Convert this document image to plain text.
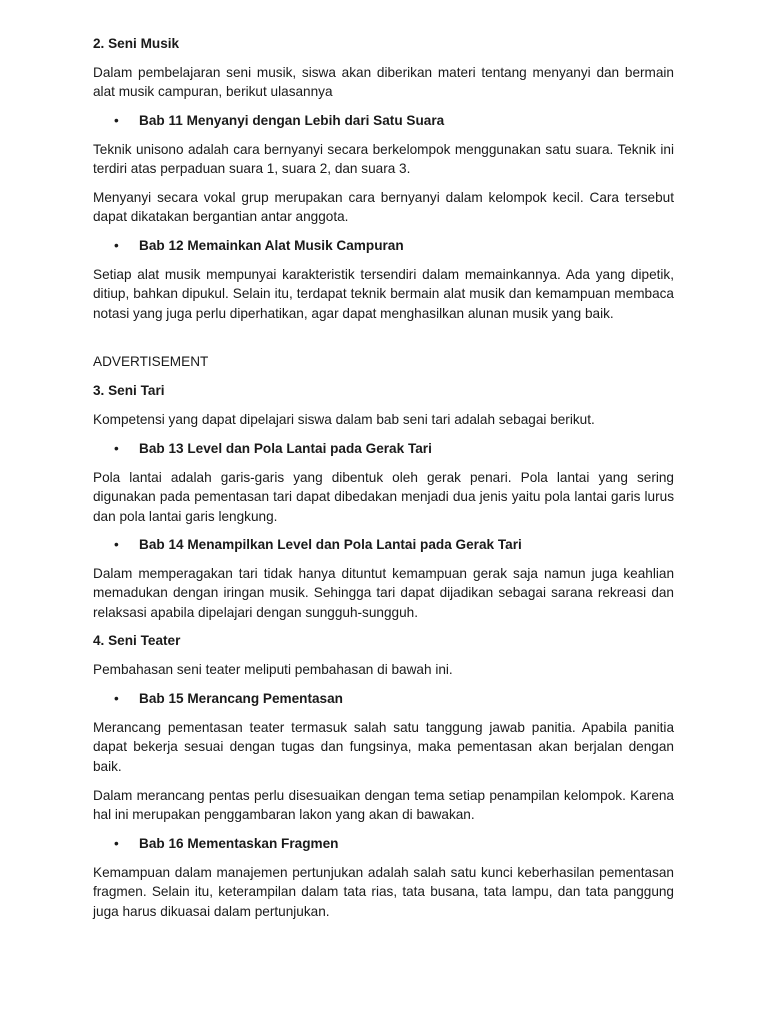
2. Seni Musik

Dalam pembelajaran seni musik, siswa akan diberikan materi tentang menyanyi dan bermain alat musik campuran, berikut ulasannya

•
Bab 11 Menyanyi dengan Lebih dari Satu Suara

Teknik unisono adalah cara bernyanyi secara berkelompok menggunakan satu suara. Teknik ini terdiri atas perpaduan suara 1, suara 2, dan suara 3.

Menyanyi secara vokal grup merupakan cara bernyanyi dalam kelompok kecil. Cara tersebut dapat dikatakan bergantian antar anggota.

•
Bab 12 Memainkan Alat Musik Campuran

Setiap alat musik mempunyai karakteristik tersendiri dalam memainkannya. Ada yang dipetik, ditiup, bahkan dipukul. Selain itu, terdapat teknik bermain alat musik dan kemampuan membaca notasi yang juga perlu diperhatikan, agar dapat menghasilkan alunan musik yang baik.

ADVERTISEMENT
3. Seni Tari

Kompetensi yang dapat dipelajari siswa dalam bab seni tari adalah sebagai berikut.

•
Bab 13 Level dan Pola Lantai pada Gerak Tari

Pola lantai adalah garis-garis yang dibentuk oleh gerak penari. Pola lantai yang sering digunakan pada pementasan tari dapat dibedakan menjadi dua jenis yaitu pola lantai garis lurus dan pola lantai garis lengkung.

•
Bab 14 Menampilkan Level dan Pola Lantai pada Gerak Tari

Dalam memperagakan tari tidak hanya dituntut kemampuan gerak saja namun juga keahlian memadukan dengan iringan musik. Sehingga tari dapat dijadikan sebagai sarana rekreasi dan relaksasi apabila dipelajari dengan sungguh-sungguh.

4. Seni Teater

Pembahasan seni teater meliputi pembahasan di bawah ini.

•
Bab 15 Merancang Pementasan

Merancang pementasan teater termasuk salah satu tanggung jawab panitia. Apabila panitia dapat bekerja sesuai dengan tugas dan fungsinya, maka pementasan akan berjalan dengan baik.

Dalam merancang pentas perlu disesuaikan dengan tema setiap penampilan kelompok. Karena hal ini merupakan penggambaran lakon yang akan di bawakan.

•
Bab 16 Mementaskan Fragmen

Kemampuan dalam manajemen pertunjukan adalah salah satu kunci keberhasilan pementasan fragmen. Selain itu, keterampilan dalam tata rias, tata busana, tata lampu, dan tata panggung juga harus dikuasai dalam pertunjukan.
